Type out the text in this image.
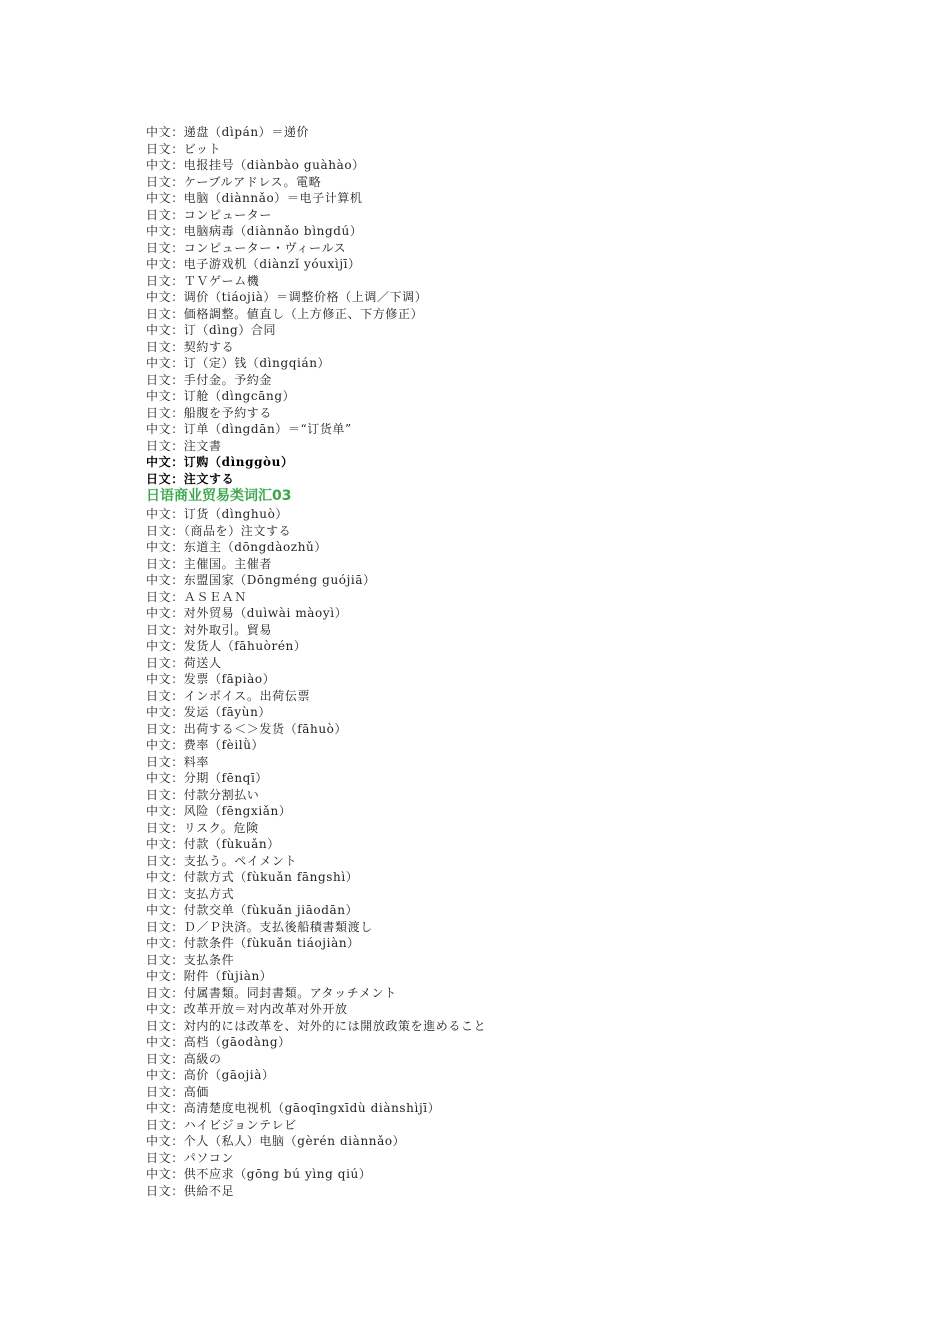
中文：递盘（dìpán）＝递价
日文：ビット
中文：电报挂号（diànbào guàhào）
日文：ケーブルアドレス。電略
中文：电脑（diànnǎo）＝电子计算机
日文：コンピューター
中文：电脑病毒（diànnǎo bìngdú）
日文：コンピューター・ヴィールス
中文：电子游戏机（diànzǐ yóuxìjī）
日文：ＴＶゲーム機
中文：调价（tiáojià）＝调整价格（上调／下调）
日文：価格調整。値直し（上方修正、下方修正）
中文：订（dìng）合同
日文：契約する
中文：订（定）钱（dìngqián）
日文：手付金。予約金
中文：订舱（dìngcāng）
日文：船腹を予約する
中文：订单（dìngdān）＝“订货单”
日文：注文書
中文：订购（dìnggòu）
日文：注文する
日语商业贸易类词汇03
中文：订货（dìnghuò）
日文：（商品を）注文する
中文：东道主（dōngdàozhǔ）
日文：主催国。主催者
中文：东盟国家（Dōngméng guójiā）
日文：ＡＳＥＡＮ
中文：对外贸易（duìwài màoyì）
日文：対外取引。貿易
中文：发货人（fāhuòrén）
日文：荷送人
中文：发票（fāpiào）
日文：インボイス。出荷伝票
中文：发运（fāyùn）
日文：出荷する＜＞发货（fāhuò）
中文：费率（fèilǜ）
日文：料率
中文：分期（fēnqī）
日文：付款分割払い
中文：风险（fēngxiǎn）
日文：リスク。危険
中文：付款（fùkuǎn）
日文：支払う。ペイメント
中文：付款方式（fùkuǎn fāngshì）
日文：支払方式
中文：付款交单（fùkuǎn jiāodān）
日文：Ｄ／Ｐ決済。支払後船積書類渡し
中文：付款条件（fùkuǎn tiáojiàn）
日文：支払条件
中文：附件（fùjiàn）
日文：付属書類。同封書類。アタッチメント
中文：改革开放＝对内改革对外开放
日文：対内的には改革を、対外的には開放政策を進めること
中文：高档（gāodàng）
日文：高級の
中文：高价（gāojià）
日文：高価
中文：高清楚度电视机（gāoqīngxīdù diànshìjī）
日文：ハイビジョンテレビ
中文：个人（私人）电脑（gèrén diànnǎo）
日文：パソコン
中文：供不应求（gōng bú yìng qiú）
日文：供給不足
